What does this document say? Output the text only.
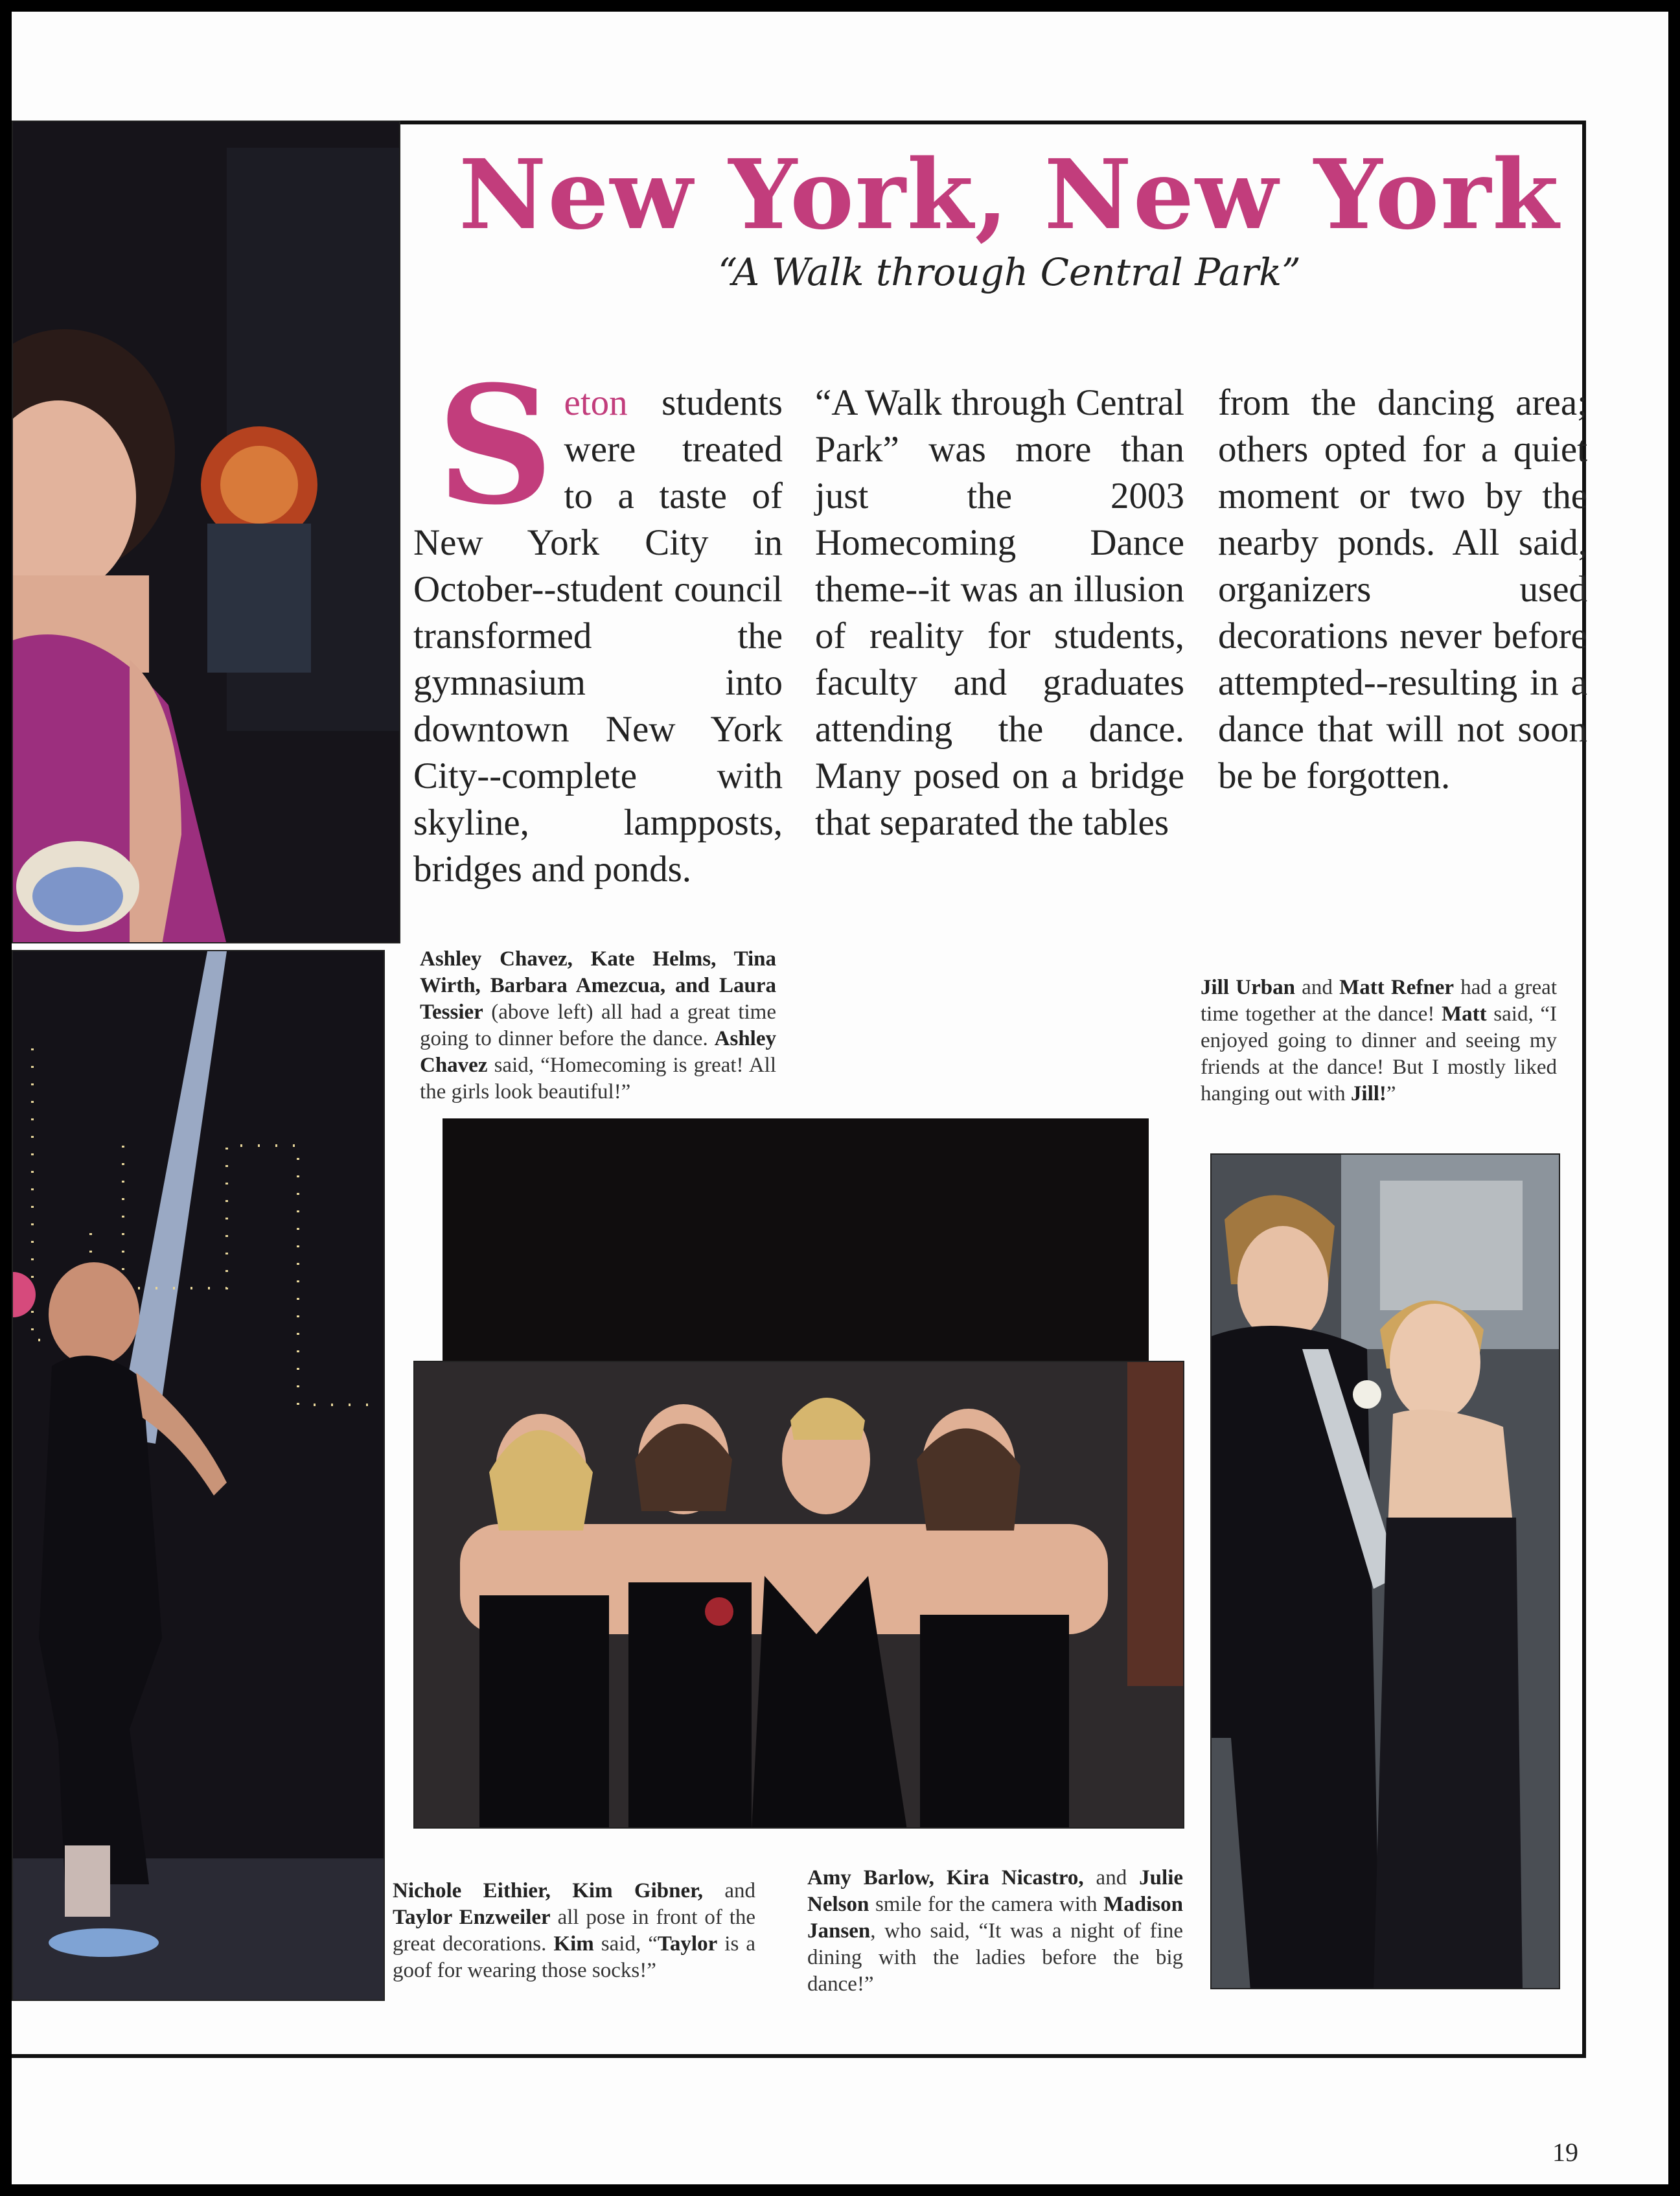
New York, New York
“A Walk through Central Park”
Seton students were treated to a taste of New York City in October--student council transformed the gymnasium into downtown New York City--complete with skyline, lampposts, bridges and ponds.
“A Walk through Central Park” was more than just the 2003 Homecoming Dance theme--it was an illusion of reality for students, faculty and graduates attending the dance. Many posed on a bridge that separated the tables
from the dancing area; others opted for a quiet moment or two by the nearby ponds. All said, organizers used decorations never before attempted--resulting in a dance that will not soon be be forgotten.
Ashley Chavez, Kate Helms, Tina Wirth, Barbara Amezcua, and Laura Tessier (above left) all had a great time going to dinner before the dance. Ashley Chavez said, “Homecoming is great! All the girls look beautiful!”
Jill Urban and Matt Refner had a great time together at the dance! Matt said, “I enjoyed going to dinner and seeing my friends at the dance! But I mostly liked hanging out with Jill!”
Nichole Eithier, Kim Gibner, and Taylor Enzweiler all pose in front of the great decorations. Kim said, “Taylor is a goof for wearing those socks!”
Amy Barlow, Kira Nicastro, and Julie Nelson smile for the camera with Madison Jansen, who said, “It was a night of fine dining with the ladies before the big dance!”
19
